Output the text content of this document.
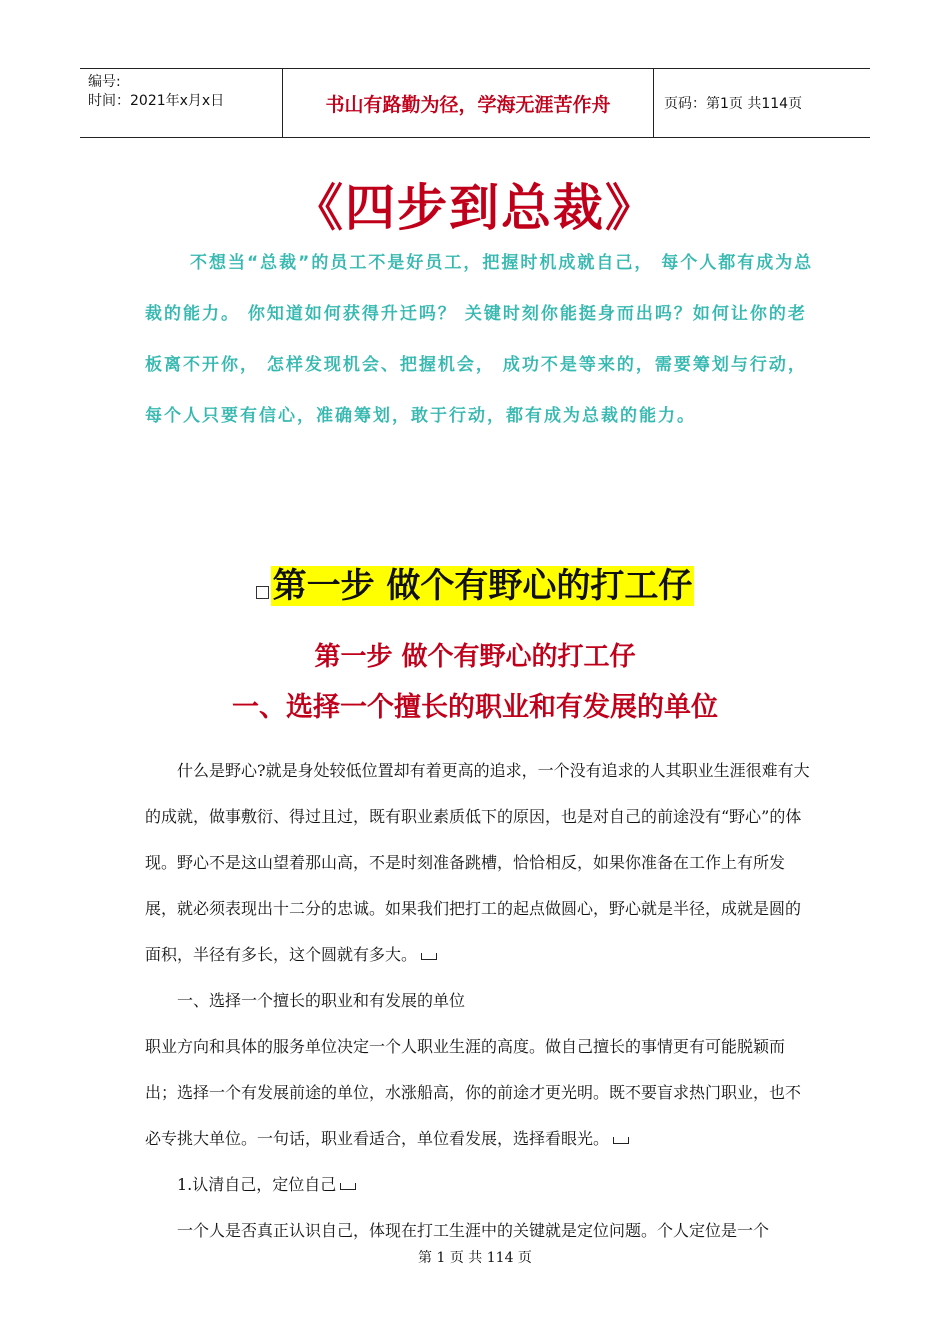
编号:
时间：2021年x月x日	书山有路勤为径，学海无涯苦作舟	页码：第1页 共114页
《四步到总裁》

不想当“总裁”的员工不是好员工，把握时机成就自己， 每个人都有成为总裁的能力。 你知道如何获得升迁吗？ 关键时刻你能挺身而出吗？如何让你的老板离不开你， 怎样发现机会、把握机会， 成功不是等来的，需要筹划与行动，每个人只要有信心，准确筹划，敢于行动，都有成为总裁的能力。

第一步 做个有野心的打工仔
第一步 做个有野心的打工仔
一、选择一个擅长的职业和有发展的单位

什么是野心?就是身处较低位置却有着更高的追求，一个没有追求的人其职业生涯很难有大的成就，做事敷衍、得过且过，既有职业素质低下的原因，也是对自己的前途没有“野心”的体现。野心不是这山望着那山高，不是时刻准备跳槽，恰恰相反，如果你准备在工作上有所发展，就必须表现出十二分的忠诚。如果我们把打工的起点做圆心，野心就是半径，成就是圆的面积，半径有多长，这个圆就有多大。

一、选择一个擅长的职业和有发展的单位

职业方向和具体的服务单位决定一个人职业生涯的高度。做自己擅长的事情更有可能脱颖而出；选择一个有发展前途的单位，水涨船高，你的前途才更光明。既不要盲求热门职业，也不必专挑大单位。一句话，职业看适合，单位看发展，选择看眼光。

1.认清自己，定位自己

一个人是否真正认识自己，体现在打工生涯中的关键就是定位问题。个人定位是一个

第 1 页 共 114 页
